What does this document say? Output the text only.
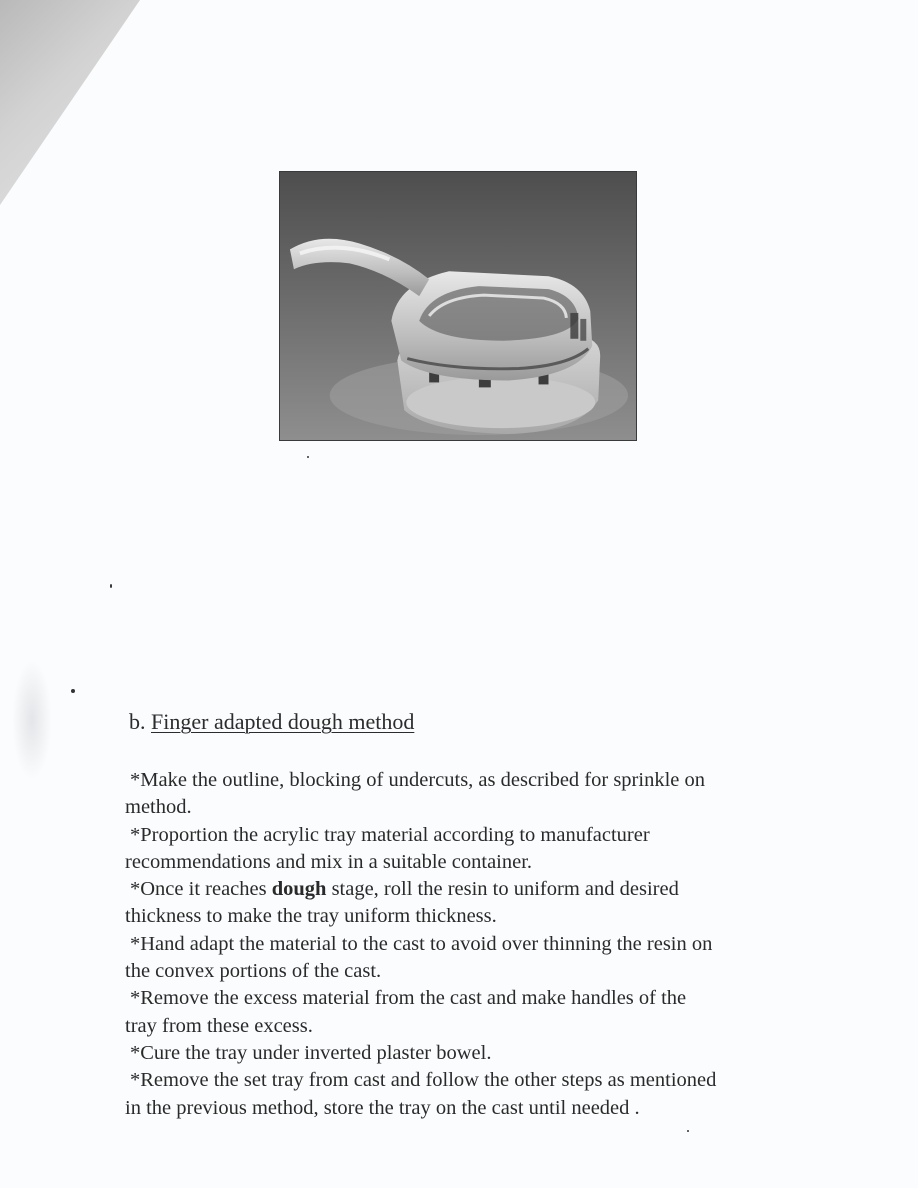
b. Finger adapted dough method

*Make the outline, blocking of undercuts, as described for sprinkle on
method.

*Proportion the acrylic tray material according to manufacturer
recommendations and mix in a suitable container.

*Once it reaches dough stage, roll the resin to uniform and desired
thickness to make the tray uniform thickness.

*Hand adapt the material to the cast to avoid over thinning the resin on
the convex portions of the cast.

*Remove the excess material from the cast and make handles of the
tray from these excess.

*Cure the tray under inverted plaster bowel.

*Remove the set tray from cast and follow the other steps as mentioned
in the previous method, store the tray on the cast until needed .
